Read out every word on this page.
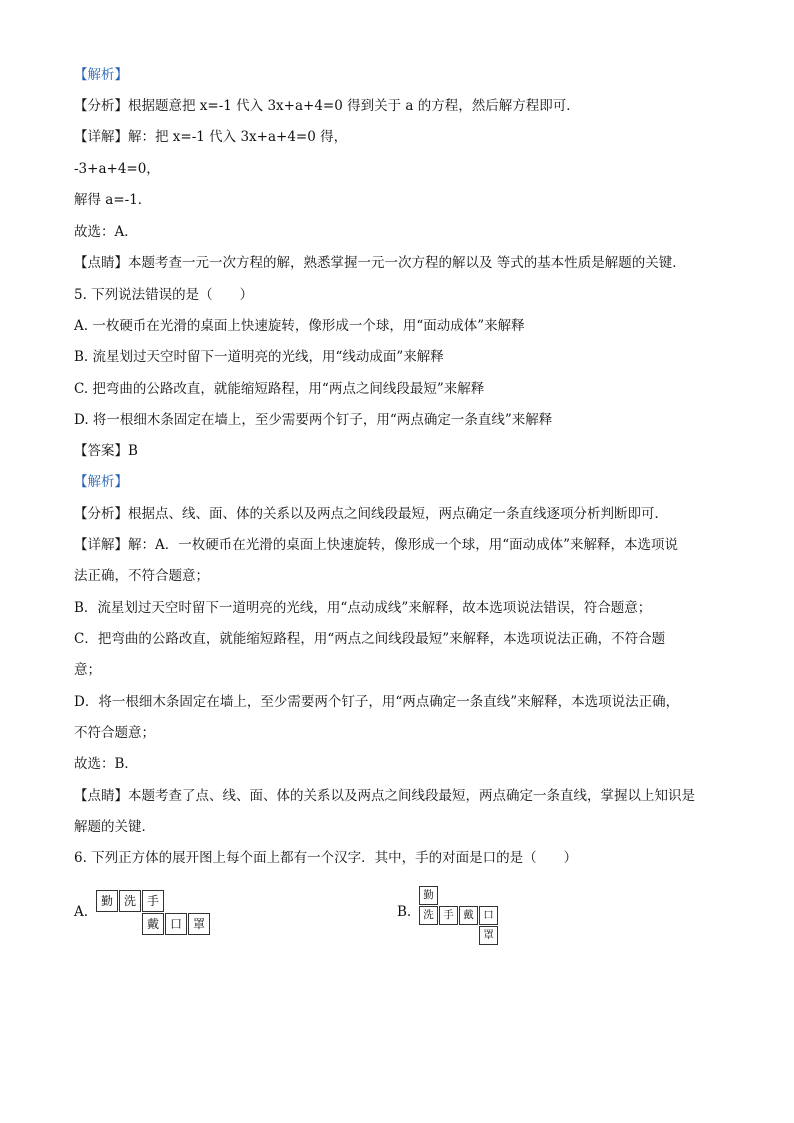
【解析】
【分析】根据题意把 x=-1 代入 3x+a+4=0 得到关于 a 的方程，然后解方程即可．
【详解】解：把 x=-1 代入 3x+a+4=0 得，
-3+a+4=0，
解得 a=-1．
故选：A．
【点睛】本题考查一元一次方程的解，熟悉掌握一元一次方程的解以及 等式的基本性质是解题的关键．
5. 下列说法错误的是（　　）
A. 一枚硬币在光滑的桌面上快速旋转，像形成一个球，用“面动成体”来解释
B. 流星划过天空时留下一道明亮的光线，用“线动成面”来解释
C. 把弯曲的公路改直，就能缩短路程，用“两点之间线段最短”来解释
D. 将一根细木条固定在墙上，至少需要两个钉子，用“两点确定一条直线”来解释
【答案】B
【解析】
【分析】根据点、线、面、体的关系以及两点之间线段最短，两点确定一条直线逐项分析判断即可．
【详解】解：A．一枚硬币在光滑的桌面上快速旋转，像形成一个球，用“面动成体”来解释，本选项说
法正确，不符合题意；
B．流星划过天空时留下一道明亮的光线，用“点动成线”来解释，故本选项说法错误，符合题意；
C．把弯曲的公路改直，就能缩短路程，用“两点之间线段最短”来解释，本选项说法正确，不符合题
意；
D．将一根细木条固定在墙上，至少需要两个钉子，用“两点确定一条直线”来解释，本选项说法正确，
不符合题意；
故选：B．
【点睛】本题考查了点、线、面、体的关系以及两点之间线段最短，两点确定一条直线，掌握以上知识是
解题的关键．
6. 下列正方体的展开图上每个面上都有一个汉字．其中，手的对面是口的是（　　）
A.
勤 洗 手
戴 口 罩
B.
勤
洗 手 戴 口
罩
